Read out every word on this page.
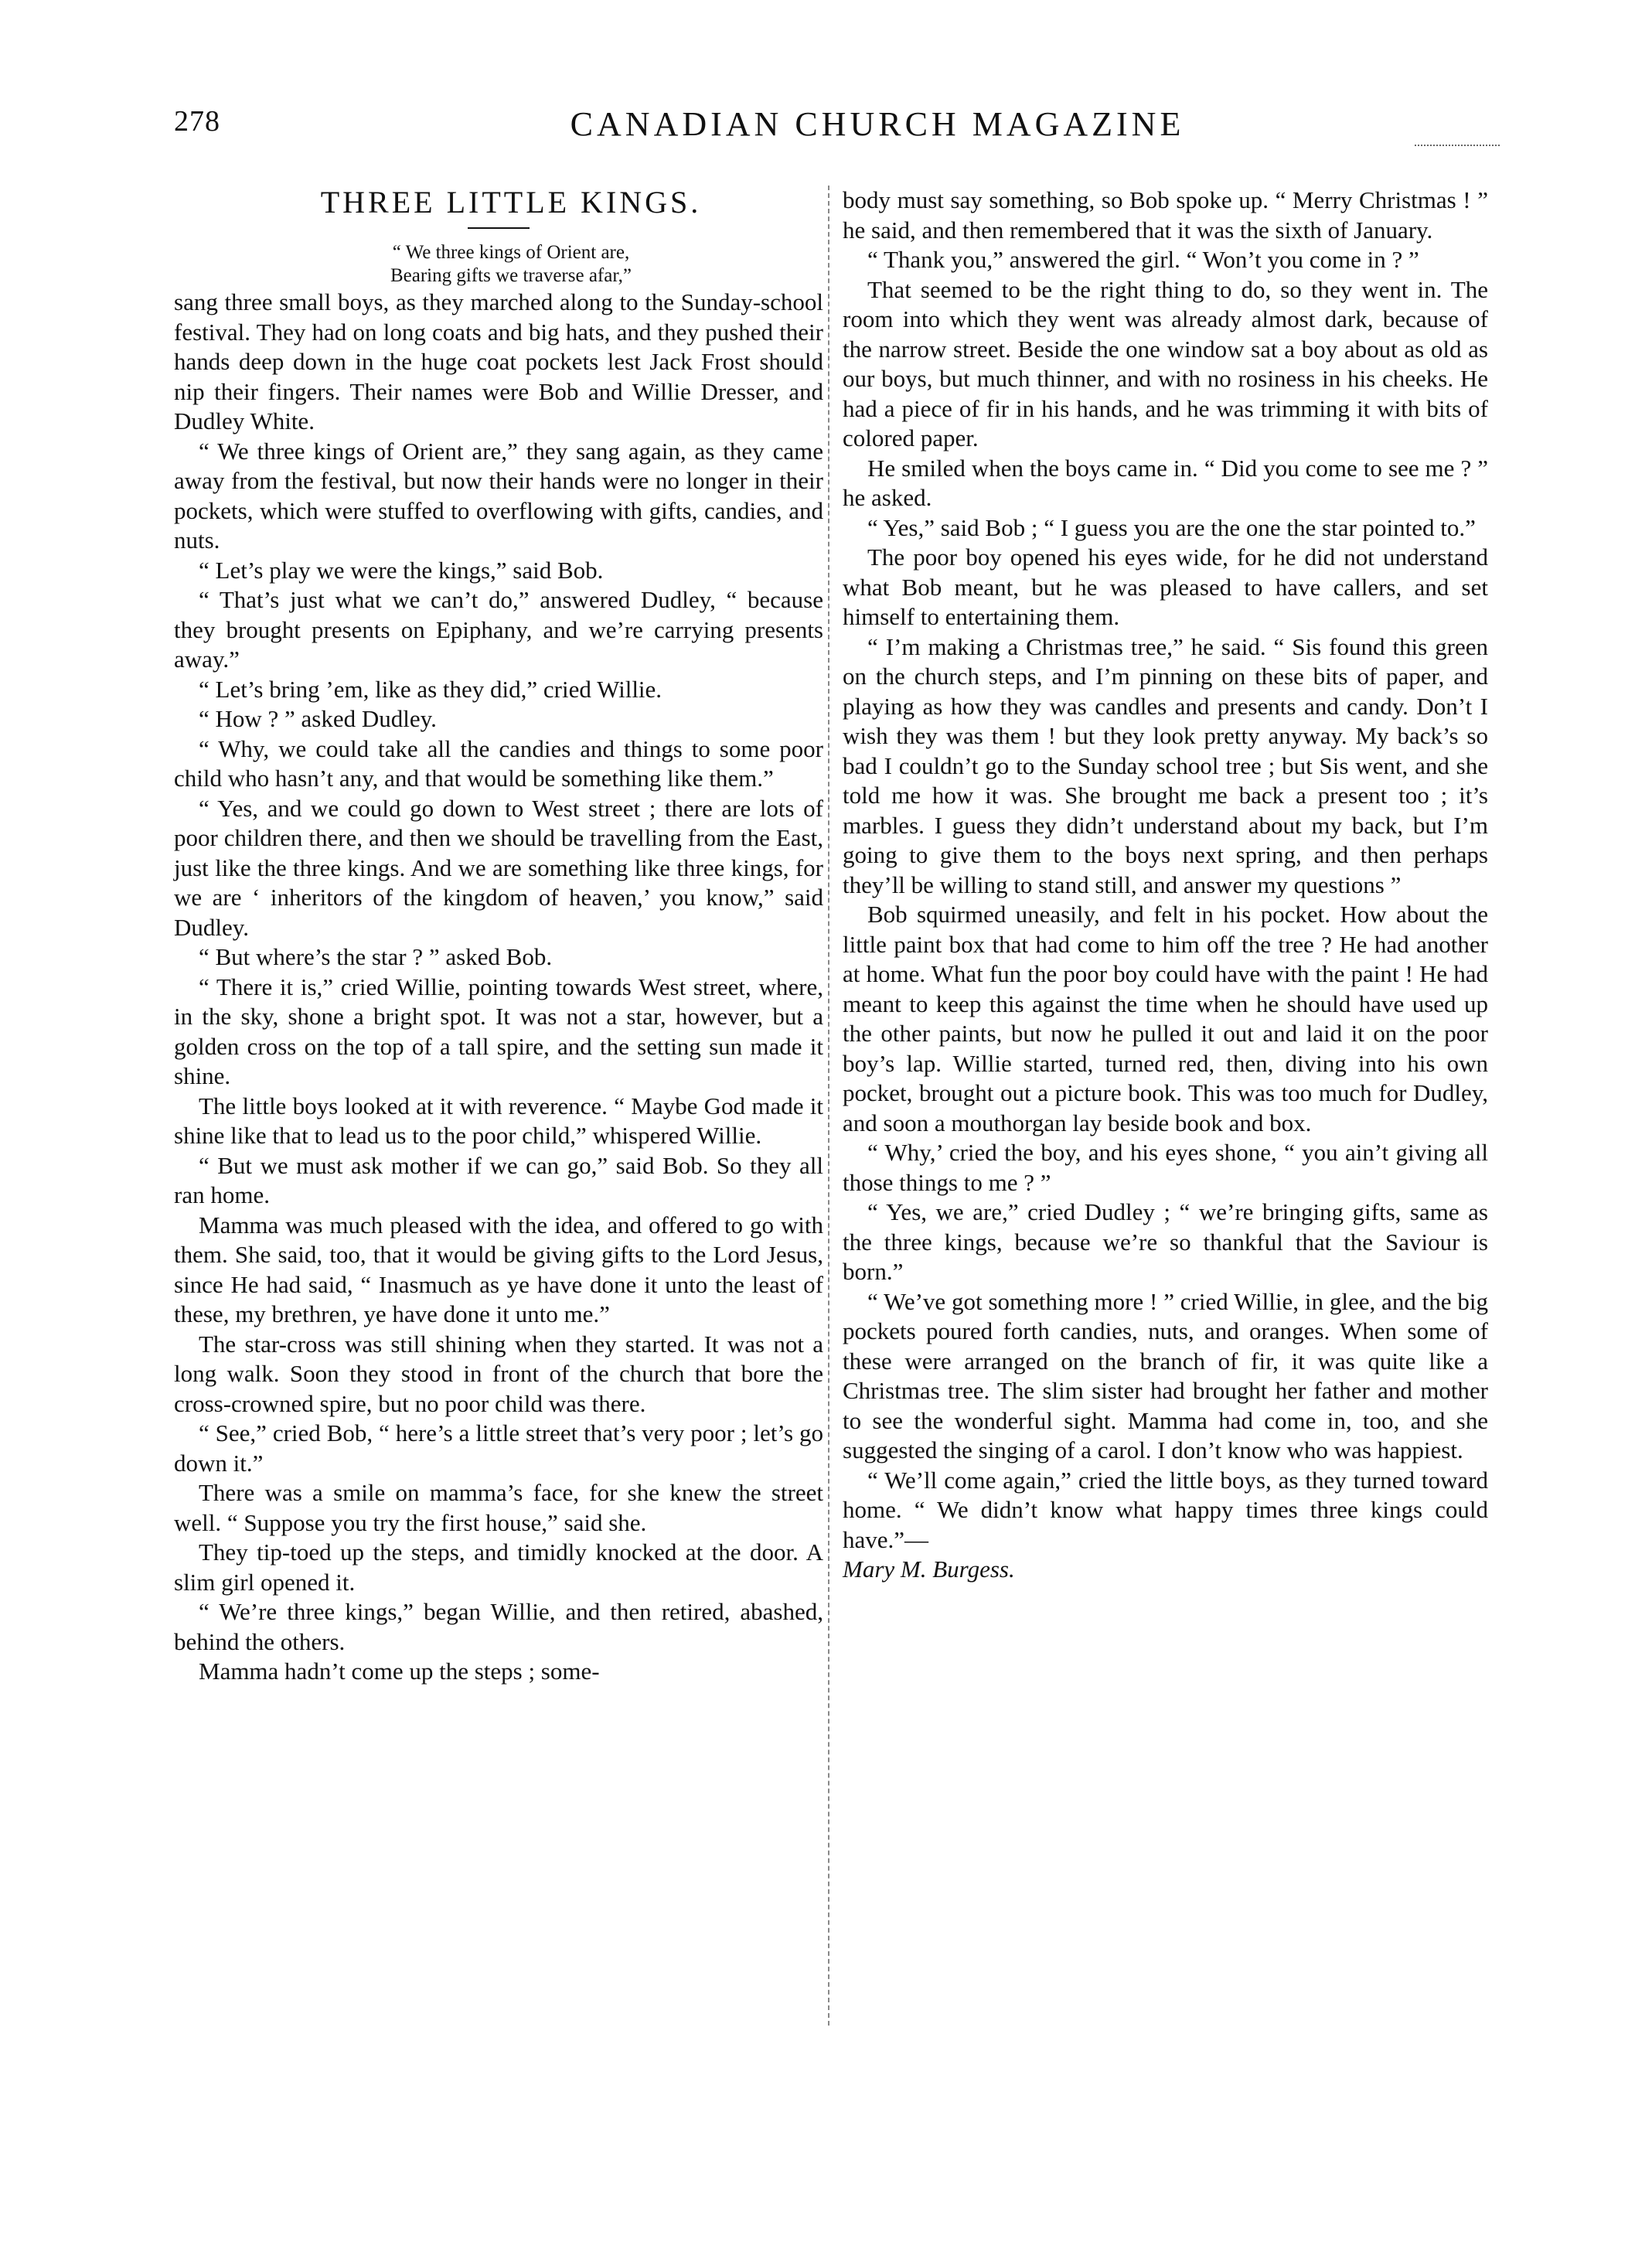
278	CANADIAN CHURCH MAGAZINE

THREE LITTLE KINGS.

“ We three kings of Orient are,
Bearing gifts we traverse afar,”

sang three small boys, as they marched along to the Sunday-school festival. They had on long coats and big hats, and they pushed their hands deep down in the huge coat pockets lest Jack Frost should nip their fingers. Their names were Bob and Willie Dresser, and Dudley White.

“ We three kings of Orient are,” they sang again, as they came away from the festival, but now their hands were no longer in their pockets, which were stuffed to overflowing with gifts, candies, and nuts.

“ Let’s play we were the kings,” said Bob.

“ That’s just what we can’t do,” answered Dudley, “ because they brought presents on Epiphany, and we’re carrying presents away.”

“ Let’s bring ’em, like as they did,” cried Willie.

“ How ? ” asked Dudley.

“ Why, we could take all the candies and things to some poor child who hasn’t any, and that would be something like them.”

“ Yes, and we could go down to West street ; there are lots of poor children there, and then we should be travelling from the East, just like the three kings. And we are something like three kings, for we are ‘ inheritors of the kingdom of heaven,’ you know,” said Dudley.

“ But where’s the star ? ” asked Bob.

“ There it is,” cried Willie, pointing towards West street, where, in the sky, shone a bright spot. It was not a star, however, but a golden cross on the top of a tall spire, and the setting sun made it shine.

The little boys looked at it with reverence. “ Maybe God made it shine like that to lead us to the poor child,” whispered Willie.

“ But we must ask mother if we can go,” said Bob. So they all ran home.

Mamma was much pleased with the idea, and offered to go with them. She said, too, that it would be giving gifts to the Lord Jesus, since He had said, “ Inasmuch as ye have done it unto the least of these, my brethren, ye have done it unto me.”

The star-cross was still shining when they started. It was not a long walk. Soon they stood in front of the church that bore the cross-crowned spire, but no poor child was there.

“ See,” cried Bob, “ here’s a little street that’s very poor ; let’s go down it.”

There was a smile on mamma’s face, for she knew the street well. “ Suppose you try the first house,” said she.

They tip-toed up the steps, and timidly knocked at the door. A slim girl opened it.

“ We’re three kings,” began Willie, and then retired, abashed, behind the others.

Mamma hadn’t come up the steps ; some-

body must say something, so Bob spoke up. “ Merry Christmas ! ” he said, and then remembered that it was the sixth of January.

“ Thank you,” answered the girl. “ Won’t you come in ? ”

That seemed to be the right thing to do, so they went in. The room into which they went was already almost dark, because of the narrow street. Beside the one window sat a boy about as old as our boys, but much thinner, and with no rosiness in his cheeks. He had a piece of fir in his hands, and he was trimming it with bits of colored paper.

He smiled when the boys came in. “ Did you come to see me ? ” he asked.

“ Yes,” said Bob ; “ I guess you are the one the star pointed to.”

The poor boy opened his eyes wide, for he did not understand what Bob meant, but he was pleased to have callers, and set himself to entertaining them.

“ I’m making a Christmas tree,” he said. “ Sis found this green on the church steps, and I’m pinning on these bits of paper, and playing as how they was candles and presents and candy. Don’t I wish they was them ! but they look pretty anyway. My back’s so bad I couldn’t go to the Sunday school tree ; but Sis went, and she told me how it was. She brought me back a present too ; it’s marbles. I guess they didn’t understand about my back, but I’m going to give them to the boys next spring, and then perhaps they’ll be willing to stand still, and answer my questions ”

Bob squirmed uneasily, and felt in his pocket. How about the little paint box that had come to him off the tree ? He had another at home. What fun the poor boy could have with the paint ! He had meant to keep this against the time when he should have used up the other paints, but now he pulled it out and laid it on the poor boy’s lap. Willie started, turned red, then, diving into his own pocket, brought out a picture book. This was too much for Dudley, and soon a mouthorgan lay beside book and box.

“ Why,’ cried the boy, and his eyes shone, “ you ain’t giving all those things to me ? ”

“ Yes, we are,” cried Dudley ; “ we’re bringing gifts, same as the three kings, because we’re so thankful that the Saviour is born.”

“ We’ve got something more ! ” cried Willie, in glee, and the big pockets poured forth candies, nuts, and oranges. When some of these were arranged on the branch of fir, it was quite like a Christmas tree. The slim sister had brought her father and mother to see the wonderful sight. Mamma had come in, too, and she suggested the singing of a carol. I don’t know who was happiest.

“ We’ll come again,” cried the little boys, as they turned toward home. “ We didn’t know what happy times three kings could have.”—

Mary M. Burgess.
